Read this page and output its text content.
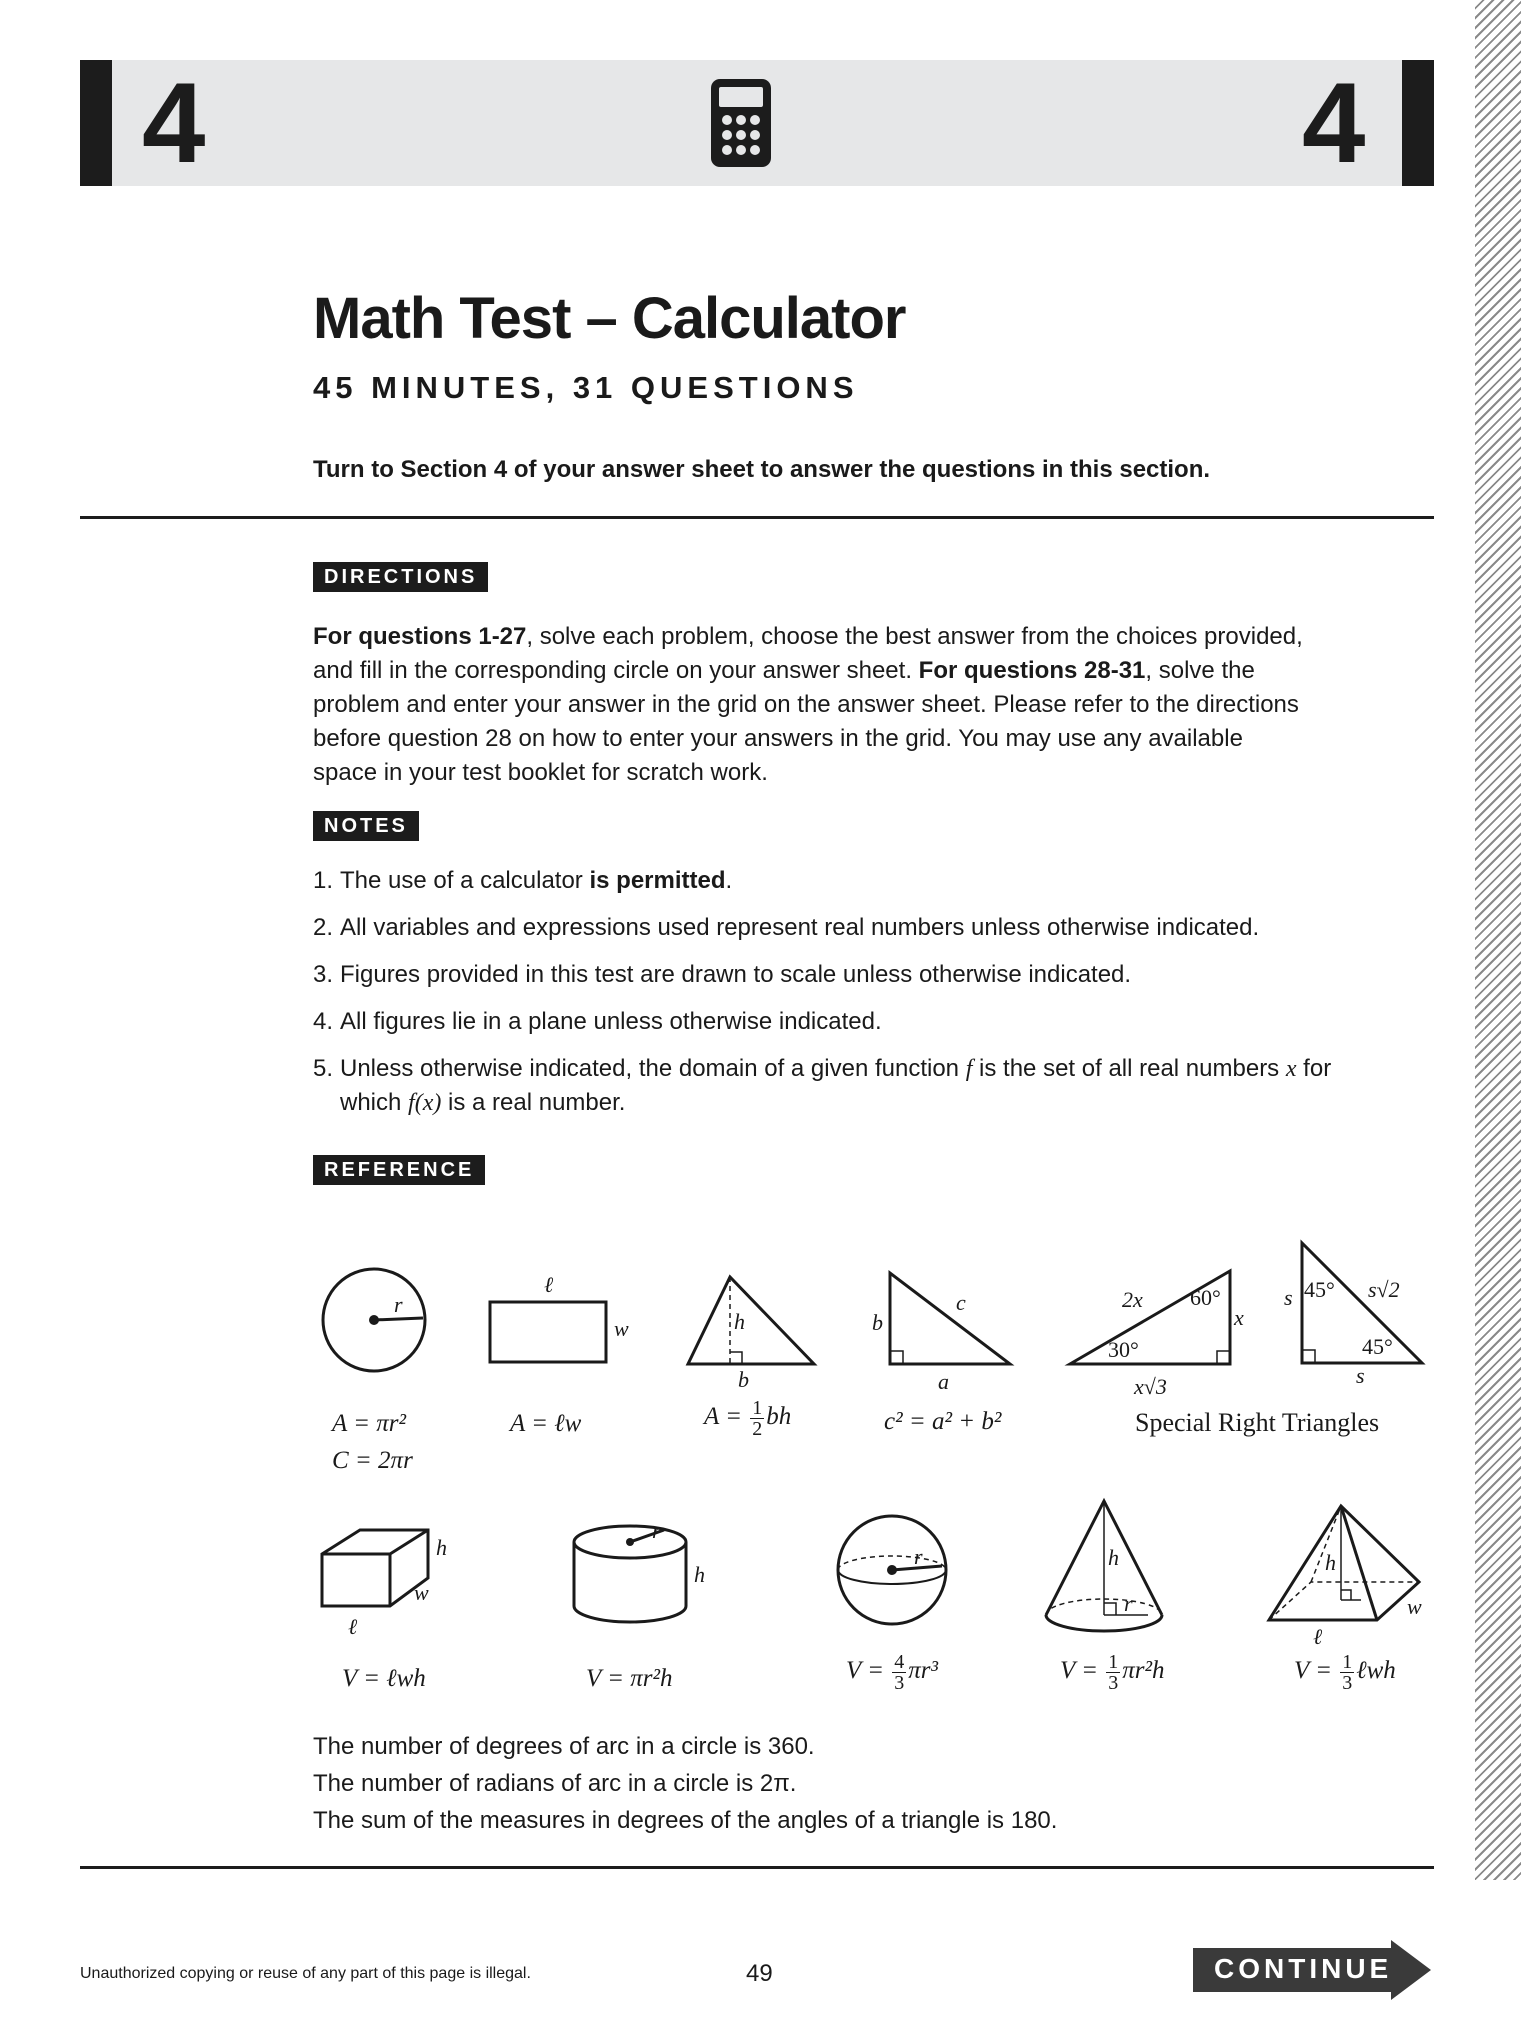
4	4
Math Test – Calculator
45 MINUTES, 31 QUESTIONS
Turn to Section 4 of your answer sheet to answer the questions in this section.
DIRECTIONS
For questions 1-27, solve each problem, choose the best answer from the choices provided, and fill in the corresponding circle on your answer sheet. For questions 28-31, solve the problem and enter your answer in the grid on the answer sheet. Please refer to the directions before question 28 on how to enter your answers in the grid. You may use any available space in your test booklet for scratch work.
NOTES
1. The use of a calculator is permitted.
2. All variables and expressions used represent real numbers unless otherwise indicated.
3. Figures provided in this test are drawn to scale unless otherwise indicated.
4. All figures lie in a plane unless otherwise indicated.
5. Unless otherwise indicated, the domain of a given function f is the set of all real numbers x for which f(x) is a real number.
REFERENCE
r
ℓ
w	h
b
b
c
a
2x 60°
x
30°
x√3
s 45° s√2
45°
s
Special Right Triangles
A = πr²
C = 2πr
A = ℓw	$A = \frac{1}{2}$ bh	c² = a² + b²
h
w
ℓ
r
h
r	h
r
h
w
ℓ
V = ℓwh	V = πr²h	$V = \frac{4}{3} \pi r^3$	$V = \frac{1}{3} \pi r^2h$	$V = \frac{1}{3}$ ℓwh
The number of degrees of arc in a circle is 360.
The number of radians of arc in a circle is 2π.
The sum of the measures in degrees of the angles of a triangle is 180.
Unauthorized copying or reuse of any part of this page is illegal.	49	CONTINUE
